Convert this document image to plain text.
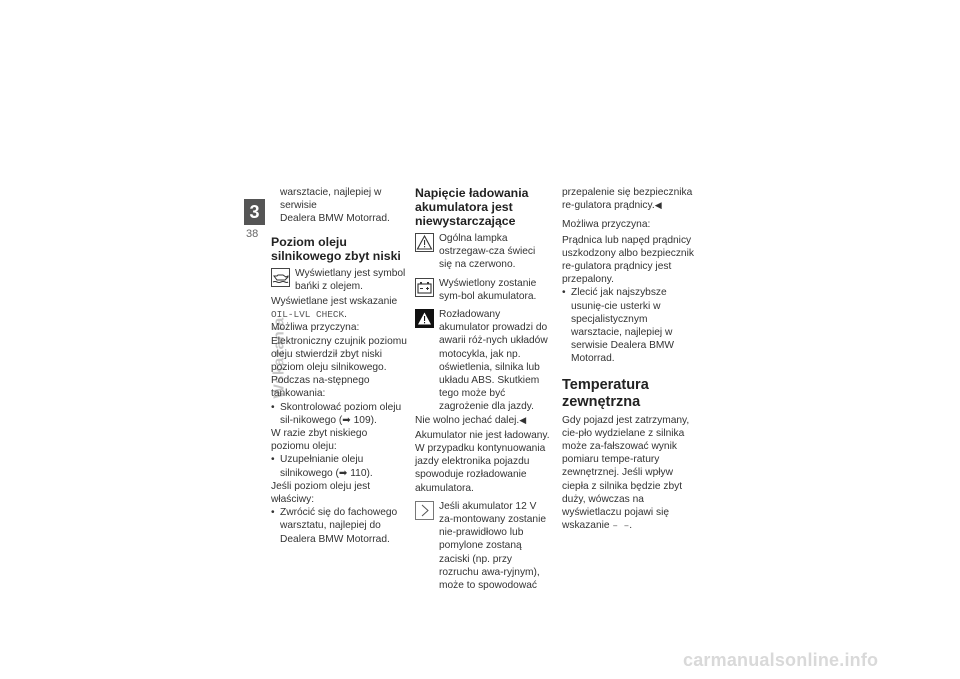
3
38
Wskazania

warsztacie, najlepiej w serwisie

Dealera BMW Motorrad.

Poziom oleju silnikowego zbyt niski

Wyświetlany jest symbol bańki z olejem.

Wyświetlane jest wskazanie OIL-LVL CHECK.

Możliwa przyczyna:

Elektroniczny czujnik poziomu oleju stwierdził zbyt niski poziom oleju silnikowego. Podczas na-stępnego tankowania:

• Skontrolować poziom oleju sil-nikowego (➡ 109).

W razie zbyt niskiego poziomu oleju:

• Uzupełnianie oleju silnikowego (➡ 110).

Jeśli poziom oleju jest właściwy:

• Zwrócić się do fachowego warsztatu, najlepiej do Dealera BMW Motorrad.
Napięcie ładowania akumulatora jest niewystarczające

Ogólna lampka ostrzegaw-cza świeci się na czerwono.

Wyświetlony zostanie sym-bol akumulatora.

Rozładowany akumulator prowadzi do awarii róż-nych układów motocykla, jak np. oświetlenia, silnika lub układu ABS. Skutkiem tego może być zagrożenie dla jazdy.

Nie wolno jechać dalej.◀

Akumulator nie jest ładowany. W przypadku kontynuowania jazdy elektronika pojazdu spowoduje rozładowanie akumulatora.

Jeśli akumulator 12 V za-montowany zostanie nie-prawidłowo lub pomylone zostaną zaciski (np. przy rozruchu awa-ryjnym), może to spowodować

przepalenie się bezpiecznika re-gulatora prądnicy.◀

Możliwa przyczyna:

Prądnica lub napęd prądnicy uszkodzony albo bezpiecznik re-gulatora prądnicy jest przepalony.

• Zlecić jak najszybsze usunię-cie usterki w specjalistycznym warsztacie, najlepiej w serwisie Dealera BMW Motorrad.
Temperatura zewnętrzna

Gdy pojazd jest zatrzymany, cie-pło wydzielane z silnika może za-fałszować wynik pomiaru tempe-ratury zewnętrznej. Jeśli wpływ ciepła z silnika będzie zbyt duży, wówczas na wyświetlaczu pojawi się wskazanie – –.

carmanualsonline.info
